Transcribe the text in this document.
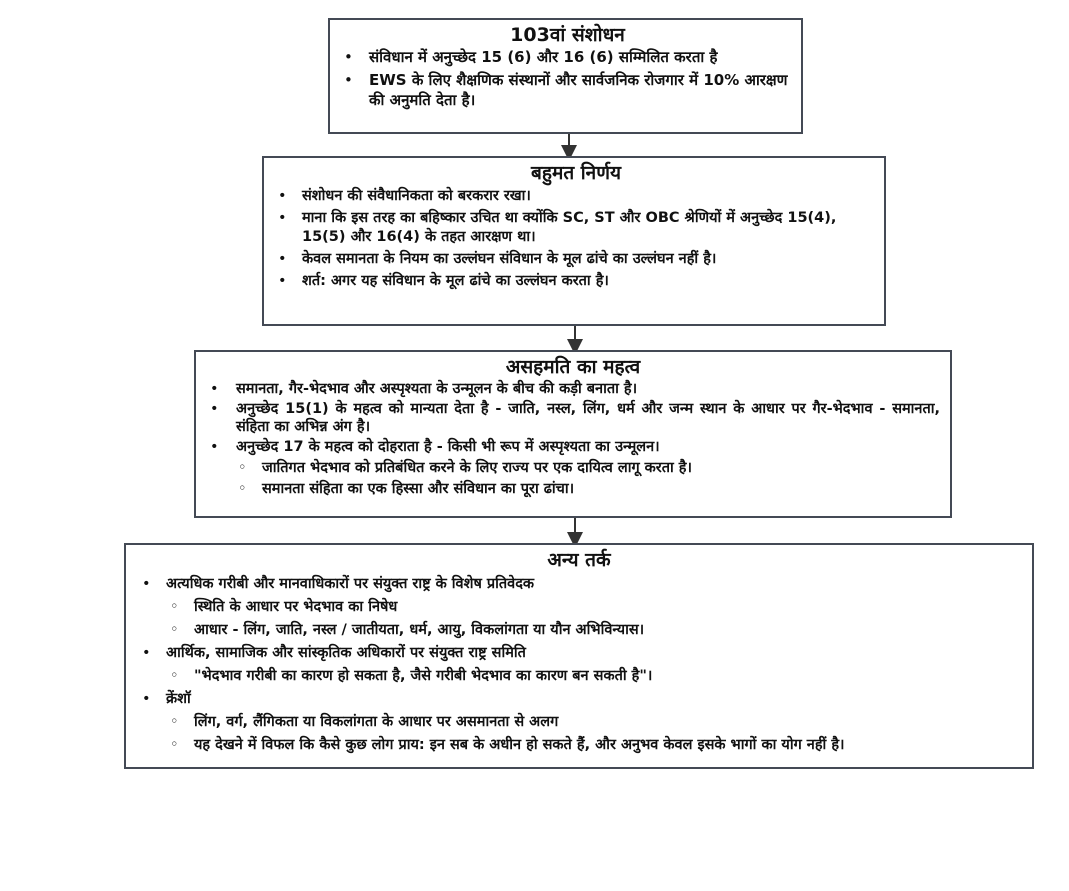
103वां संशोधन
• संविधान में अनुच्छेद 15 (6) और 16 (6) सम्मिलित करता है
• EWS के लिए शैक्षणिक संस्थानों और सार्वजनिक रोजगार में 10% आरक्षण की अनुमति देता है।
बहुमत निर्णय
• संशोधन की संवैधानिकता को बरकरार रखा।
• माना कि इस तरह का बहिष्कार उचित था क्योंकि SC, ST और OBC श्रेणियों में अनुच्छेद 15(4), 15(5) और 16(4) के तहत आरक्षण था।
• केवल समानता के नियम का उल्लंघन संविधान के मूल ढांचे का उल्लंघन नहीं है।
• शर्त: अगर यह संविधान के मूल ढांचे का उल्लंघन करता है।
असहमति का महत्व
• समानता, गैर-भेदभाव और अस्पृश्यता के उन्मूलन के बीच की कड़ी बनाता है।
• अनुच्छेद 15(1) के महत्व को मान्यता देता है - जाति, नस्ल, लिंग, धर्म और जन्म स्थान के आधार पर गैर-भेदभाव - समानता, संहिता का अभिन्न अंग है।
• अनुच्छेद 17 के महत्व को दोहराता है - किसी भी रूप में अस्पृश्यता का उन्मूलन।
◦ जातिगत भेदभाव को प्रतिबंधित करने के लिए राज्य पर एक दायित्व लागू करता है।
◦ समानता संहिता का एक हिस्सा और संविधान का पूरा ढांचा।
अन्य तर्क
• अत्यधिक गरीबी और मानवाधिकारों पर संयुक्त राष्ट्र के विशेष प्रतिवेदक
◦ स्थिति के आधार पर भेदभाव का निषेध
◦ आधार - लिंग, जाति, नस्ल / जातीयता, धर्म, आयु, विकलांगता या यौन अभिविन्यास।
• आर्थिक, सामाजिक और सांस्कृतिक अधिकारों पर संयुक्त राष्ट्र समिति
◦ "भेदभाव गरीबी का कारण हो सकता है, जैसे गरीबी भेदभाव का कारण बन सकती है"।
• क्रेंशॉ
◦ लिंग, वर्ग, लैंगिकता या विकलांगता के आधार पर असमानता से अलग
◦ यह देखने में विफल कि कैसे कुछ लोग प्राय: इन सब के अधीन हो सकते हैं, और अनुभव केवल इसके भागों का योग नहीं है।
